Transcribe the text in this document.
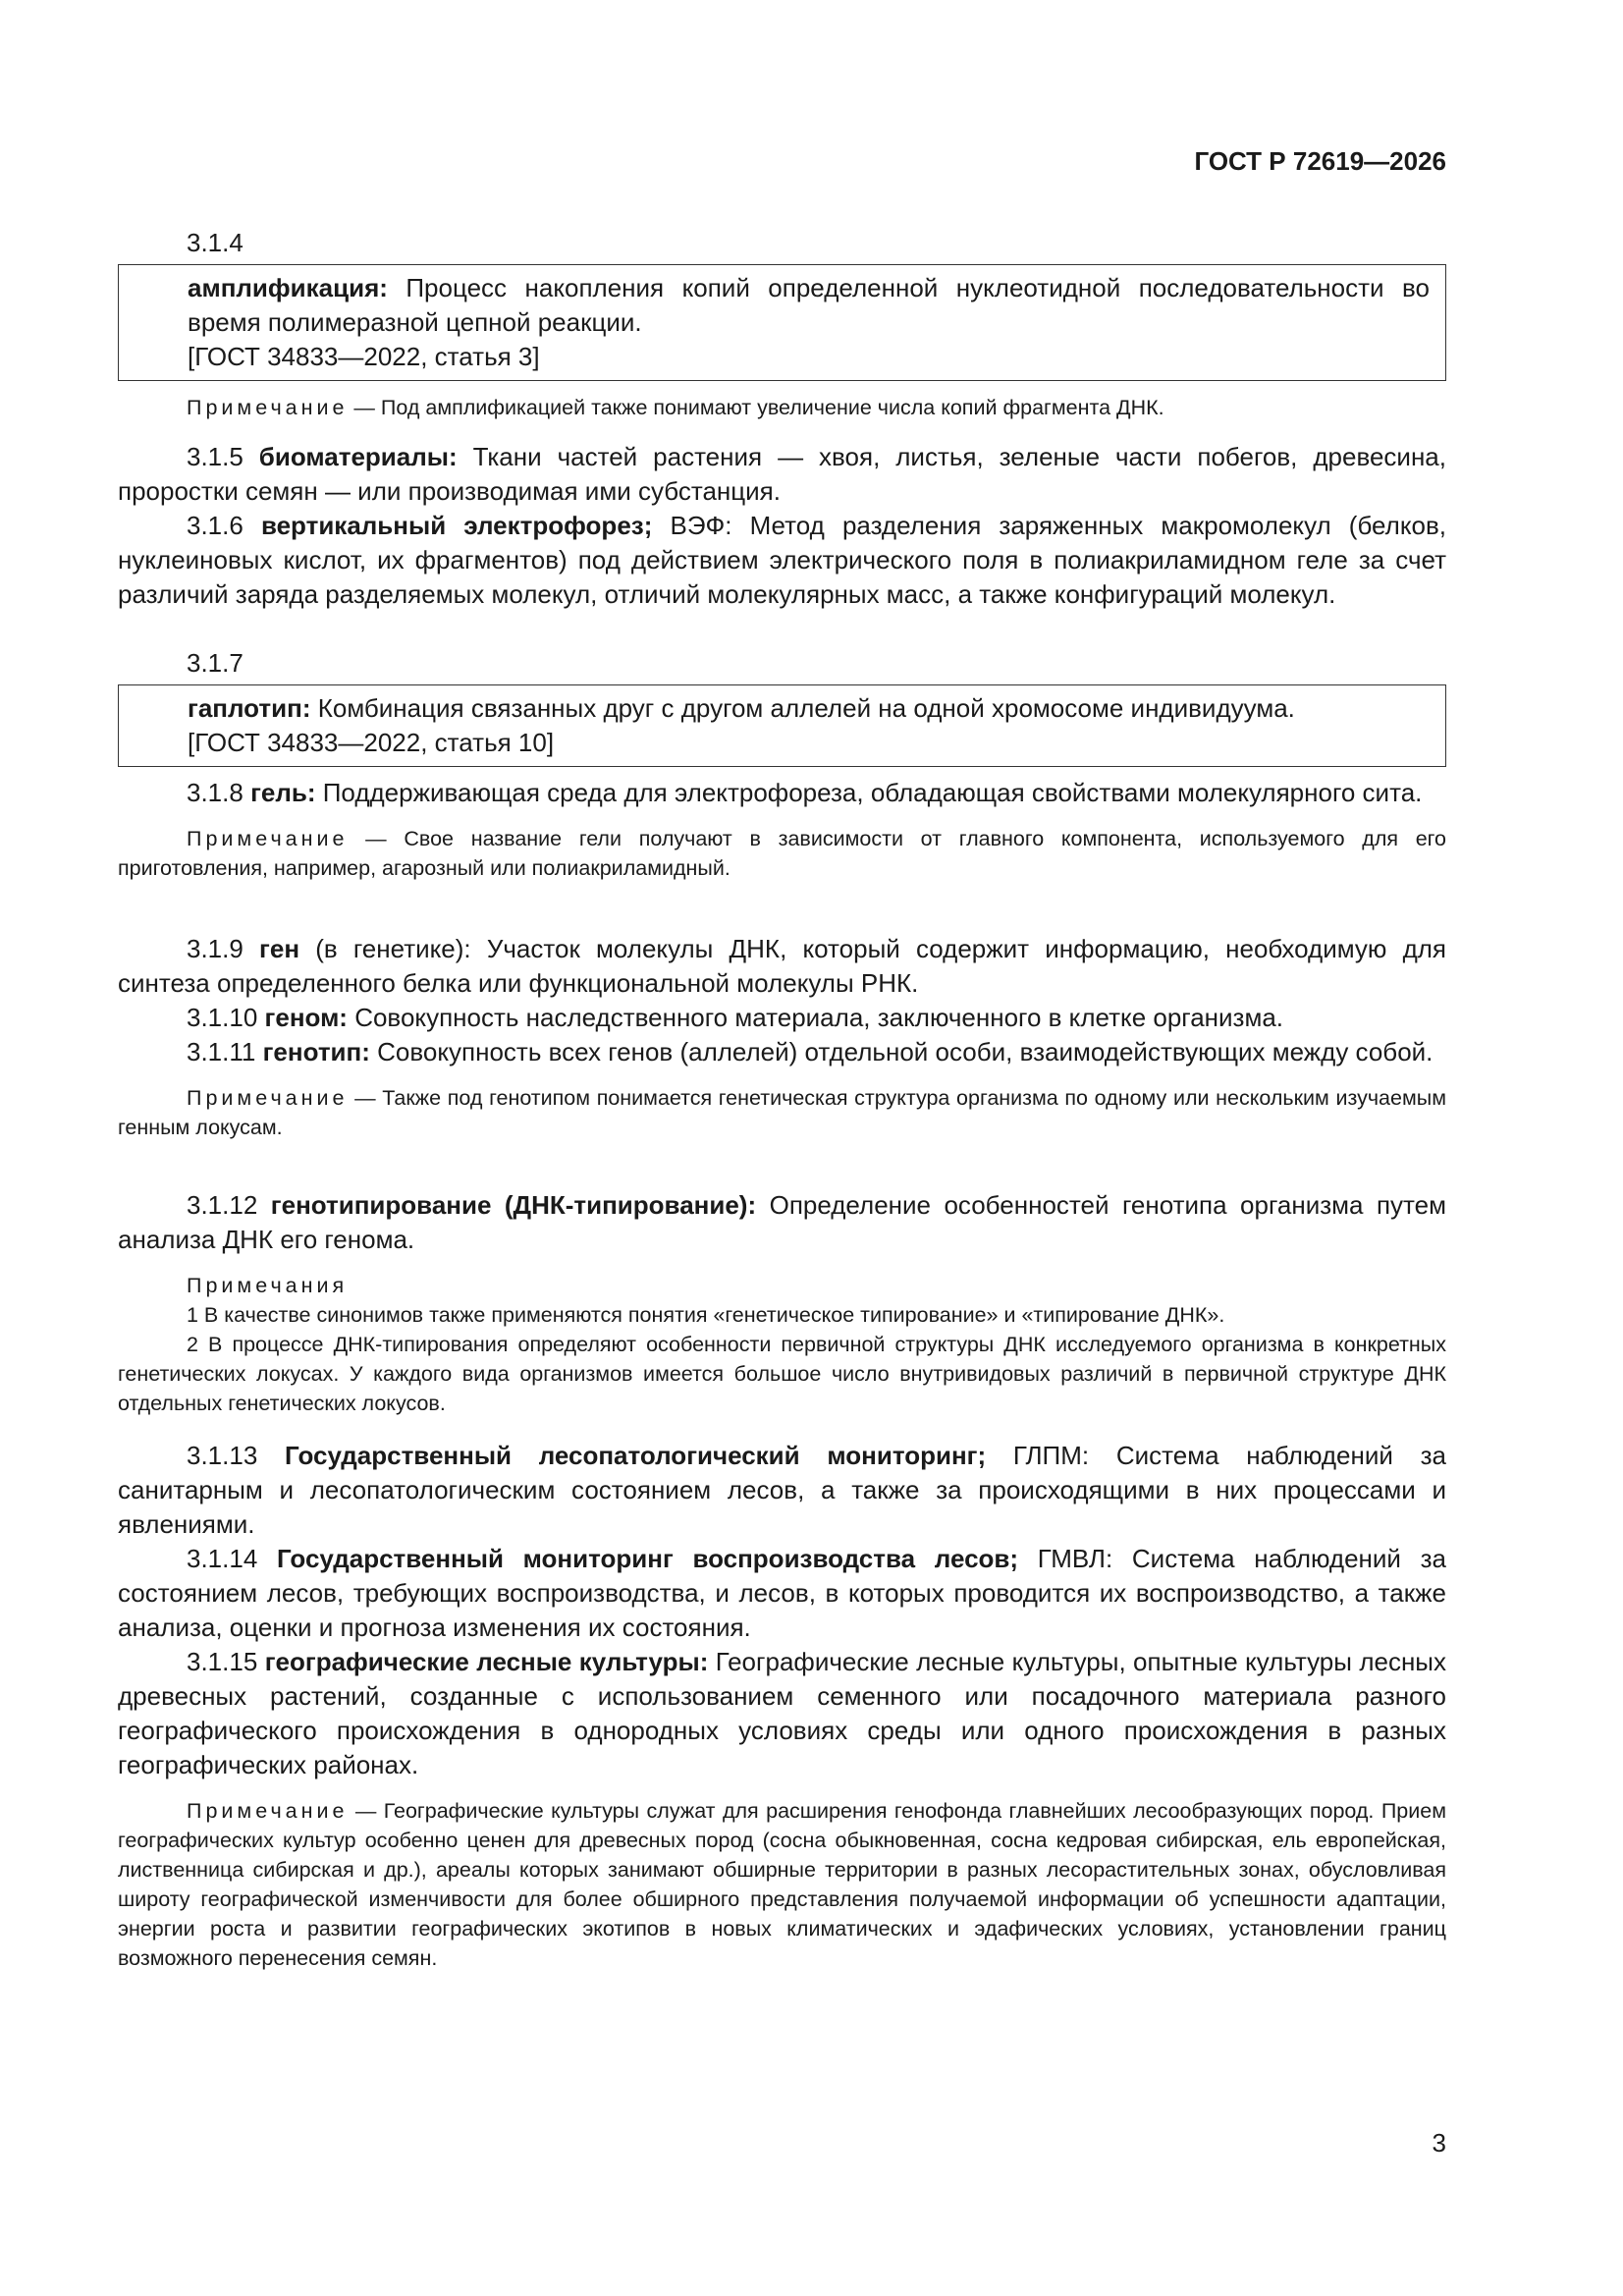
ГОСТ Р 72619—2026

3.1.4

амплификация: Процесс накопления копий определенной нуклеотидной последовательности во время полимеразной цепной реакции.

[ГОСТ 34833—2022, статья 3]

Примечание — Под амплификацией также понимают увеличение числа копий фрагмента ДНК.

3.1.5 биоматериалы: Ткани частей растения — хвоя, листья, зеленые части побегов, древесина, проростки семян — или производимая ими субстанция.

3.1.6 вертикальный электрофорез; ВЭФ: Метод разделения заряженных макромолекул (белков, нуклеиновых кислот, их фрагментов) под действием электрического поля в полиакриламидном геле за счет различий заряда разделяемых молекул, отличий молекулярных масс, а также конфигураций молекул.

3.1.7

гаплотип: Комбинация связанных друг с другом аллелей на одной хромосоме индивидуума.

[ГОСТ 34833—2022, статья 10]

3.1.8 гель: Поддерживающая среда для электрофореза, обладающая свойствами молекулярного сита.

Примечание — Свое название гели получают в зависимости от главного компонента, используемого для его приготовления, например, агарозный или полиакриламидный.

3.1.9 ген (в генетике): Участок молекулы ДНК, который содержит информацию, необходимую для синтеза определенного белка или функциональной молекулы РНК.

3.1.10 геном: Совокупность наследственного материала, заключенного в клетке организма.

3.1.11 генотип: Совокупность всех генов (аллелей) отдельной особи, взаимодействующих между собой.

Примечание — Также под генотипом понимается генетическая структура организма по одному или нескольким изучаемым генным локусам.

3.1.12 генотипирование (ДНК-типирование): Определение особенностей генотипа организма путем анализа ДНК его генома.

Примечания

1 В качестве синонимов также применяются понятия «генетическое типирование» и «типирование ДНК».

2 В процессе ДНК-типирования определяют особенности первичной структуры ДНК исследуемого организма в конкретных генетических локусах. У каждого вида организмов имеется большое число внутривидовых различий в первичной структуре ДНК отдельных генетических локусов.

3.1.13 Государственный лесопатологический мониторинг; ГЛПМ: Система наблюдений за санитарным и лесопатологическим состоянием лесов, а также за происходящими в них процессами и явлениями.

3.1.14 Государственный мониторинг воспроизводства лесов; ГМВЛ: Система наблюдений за состоянием лесов, требующих воспроизводства, и лесов, в которых проводится их воспроизводство, а также анализа, оценки и прогноза изменения их состояния.

3.1.15 географические лесные культуры: Географические лесные культуры, опытные культуры лесных древесных растений, созданные с использованием семенного или посадочного материала разного географического происхождения в однородных условиях среды или одного происхождения в разных географических районах.

Примечание — Географические культуры служат для расширения генофонда главнейших лесообразующих пород. Прием географических культур особенно ценен для древесных пород (сосна обыкновенная, сосна кедровая сибирская, ель европейская, лиственница сибирская и др.), ареалы которых занимают обширные территории в разных лесорастительных зонах, обусловливая широту географической изменчивости для более обширного представления получаемой информации об успешности адаптации, энергии роста и развитии географических экотипов в новых климатических и эдафических условиях, установлении границ возможного перенесения семян.

3
